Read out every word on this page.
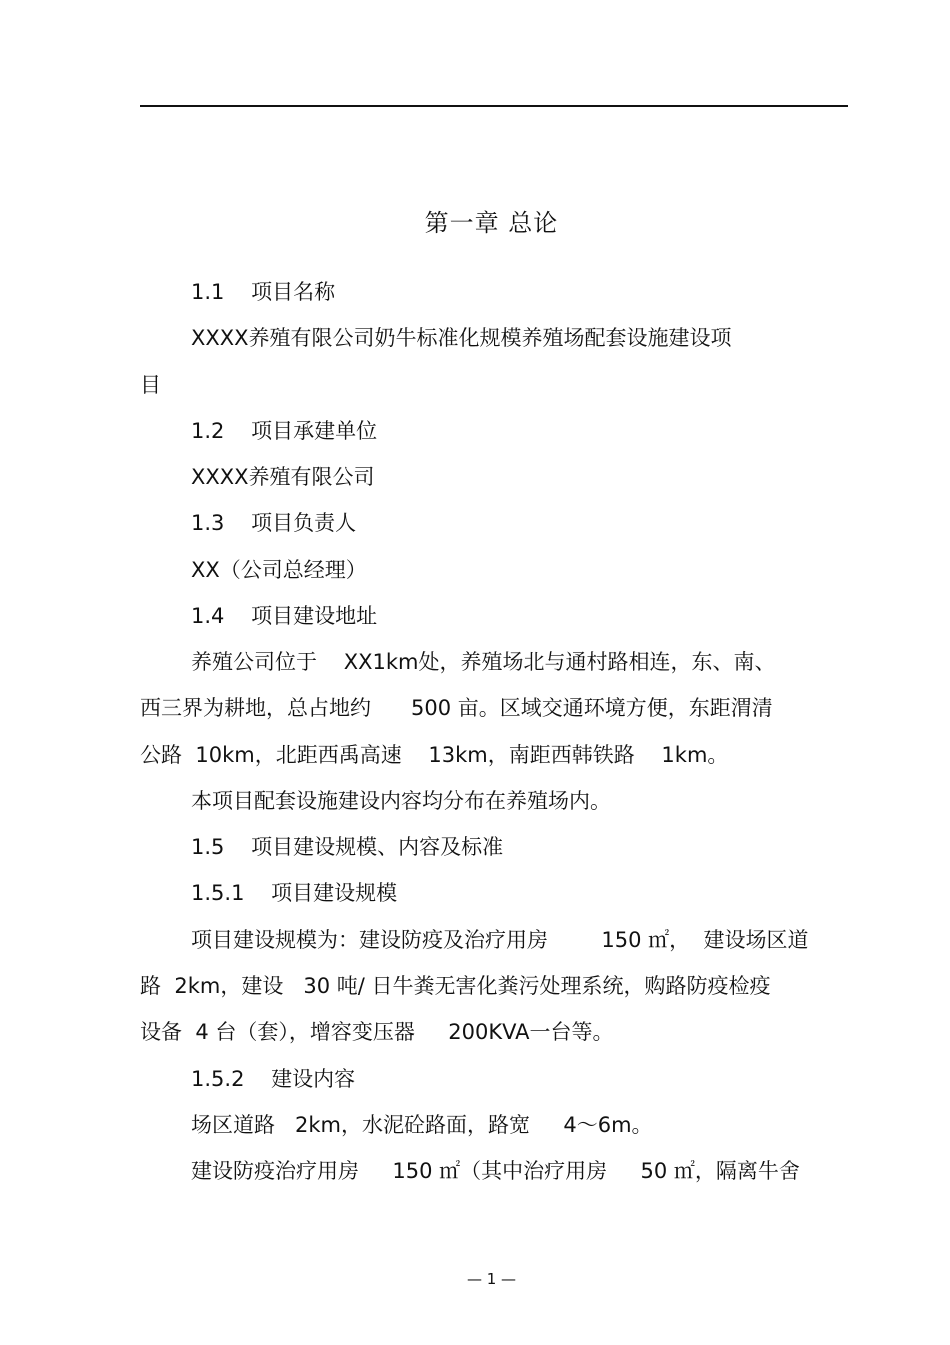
第一章 总论
1.1    项目名称
XXXX养殖有限公司奶牛标准化规模养殖场配套设施建设项
目
1.2    项目承建单位
XXXX养殖有限公司
1.3    项目负责人
XX（公司总经理）
1.4    项目建设地址
养殖公司位于    XX1km处，养殖场北与通村路相连，东、南、
西三界为耕地，总占地约      500 亩。区域交通环境方便，东距渭清
公路  10km，北距西禹高速    13km，南距西韩铁路    1km。
本项目配套设施建设内容均分布在养殖场内。
1.5    项目建设规模、内容及标准
1.5.1    项目建设规模
项目建设规模为：建设防疫及治疗用房        150 ㎡，  建设场区道
路  2km，建设   30 吨/ 日牛粪无害化粪污处理系统，购路防疫检疫
设备  4 台（套），增容变压器     200KVA一台等。
1.5.2    建设内容
场区道路   2km，水泥砼路面，路宽     4～6m。
建设防疫治疗用房     150 ㎡（其中治疗用房     50 ㎡，隔离牛舍
— 1 —
